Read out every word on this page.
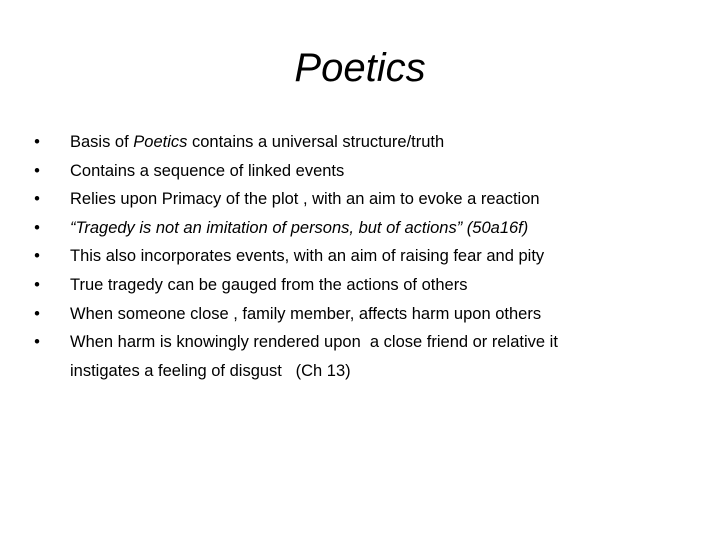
Poetics
• Basis of Poetics contains a universal structure/truth
• Contains a sequence of linked events
• Relies upon Primacy of the plot , with an aim to evoke a reaction
• “Tragedy is not an imitation of persons, but of actions” (50a16f)
• This also incorporates events, with an aim of raising fear and pity
• True tragedy can be gauged from the actions of others
• When someone close , family member, affects harm upon others
• When harm is knowingly rendered upon  a close friend or relative it instigates a feeling of disgust   (Ch 13)
